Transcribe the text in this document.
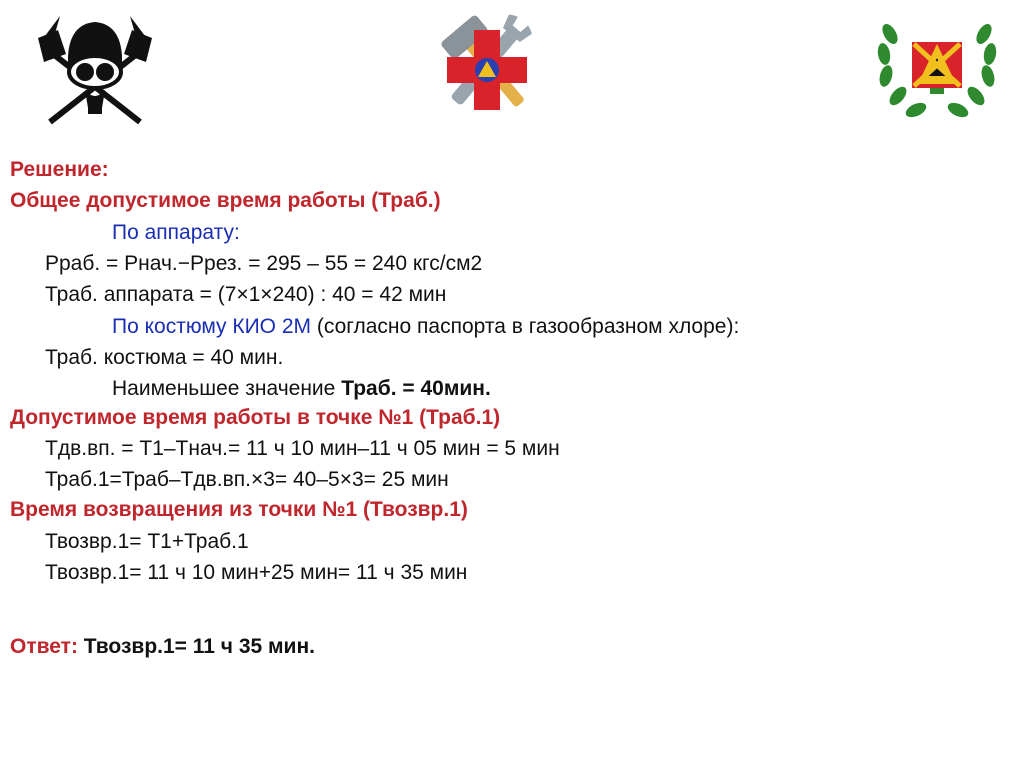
Решение:
Общее допустимое время работы (Траб.)
По аппарату:
Рраб. = Рнач.−Ррез. = 295 – 55 = 240 кгс/см2
Траб. аппарата = (7×1×240) : 40 = 42 мин
По костюму КИО 2М (согласно паспорта в газообразном хлоре):
Траб. костюма = 40 мин.
Наименьшее значение Траб. = 40мин.
Допустимое время работы в точке №1 (Траб.1)
Тдв.вп. = Т1–Тнач.= 11 ч 10 мин–11 ч 05 мин = 5 мин
Траб.1=Траб–Тдв.вп.×3= 40–5×3= 25 мин
Время возвращения из точки №1 (Твозвр.1)
Твозвр.1= Т1+Траб.1
Твозвр.1= 11 ч 10 мин+25 мин= 11 ч 35 мин
Ответ: Твозвр.1= 11 ч 35 мин.
